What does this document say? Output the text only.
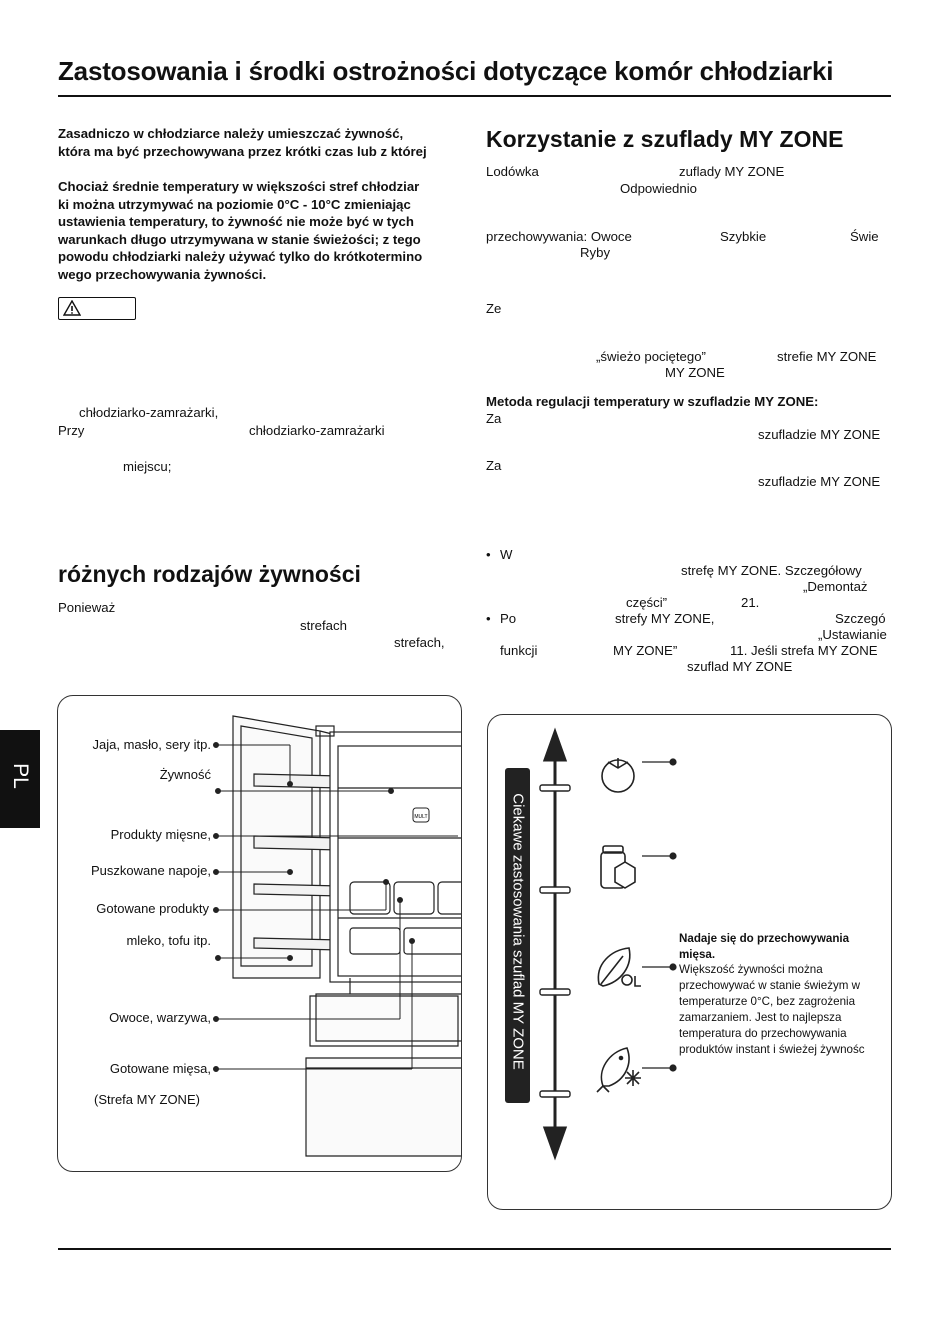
Zastosowania i środki ostrożności dotyczące komór chłodziarki
PL
Zasadniczo w chłodziarce należy umieszczać żywność,
która ma być przechowywana przez krótki czas lub z której
Chociaż średnie temperatury w większości stref chłodziar
ki można utrzymywać na poziomie 0°C - 10°C zmieniając
ustawienia temperatury, to żywność nie może być w tych
warunkach długo utrzymywana w stanie świeżości; z tego
powodu chłodziarki należy używać tylko do krótkotermino
wego przechowywania żywności.
chłodziarko-zamrażarki,
Przy	chłodziarko-zamrażarki
miejscu;
różnych rodzajów żywności
Ponieważ
strefach
strefach,
Korzystanie z szuflady MY ZONE
Lodówka	zuflady MY ZONE
Odpowiednio
przechowywania: Owoce	Szybkie	Świe
Ryby
Ze
„świeżo pociętego”	strefie MY ZONE
MY ZONE
Metoda regulacji temperatury w szufladzie MY ZONE:
Za
szufladzie MY ZONE
Za
szufladzie MY ZONE
• W
strefę MY ZONE. Szczegółowy
„Demontaż
części”	21.
• Po	strefy MY ZONE,	Szczegó
„Ustawianie
funkcji	MY ZONE”	11. Jeśli strefa MY ZONE
szuflad MY ZONE
MULT
Jaja, masło, sery itp.
Żywność
Produkty mięsne,
Puszkowane napoje,
Gotowane produkty
mleko, tofu itp.
Owoce, warzywa,
Gotowane mięsa,
(Strefa MY ZONE)
Ciekawe zastosowania szuflad MY ZONE	Nadaje się do przechowywania
mięsa.
Większość żywności można
przechowywać w stanie świeżym w
temperaturze 0°C, bez zagrożenia
zamarzaniem. Jest to najlepsza
temperatura do przechowywania
produktów instant i świeżej żywnośc
